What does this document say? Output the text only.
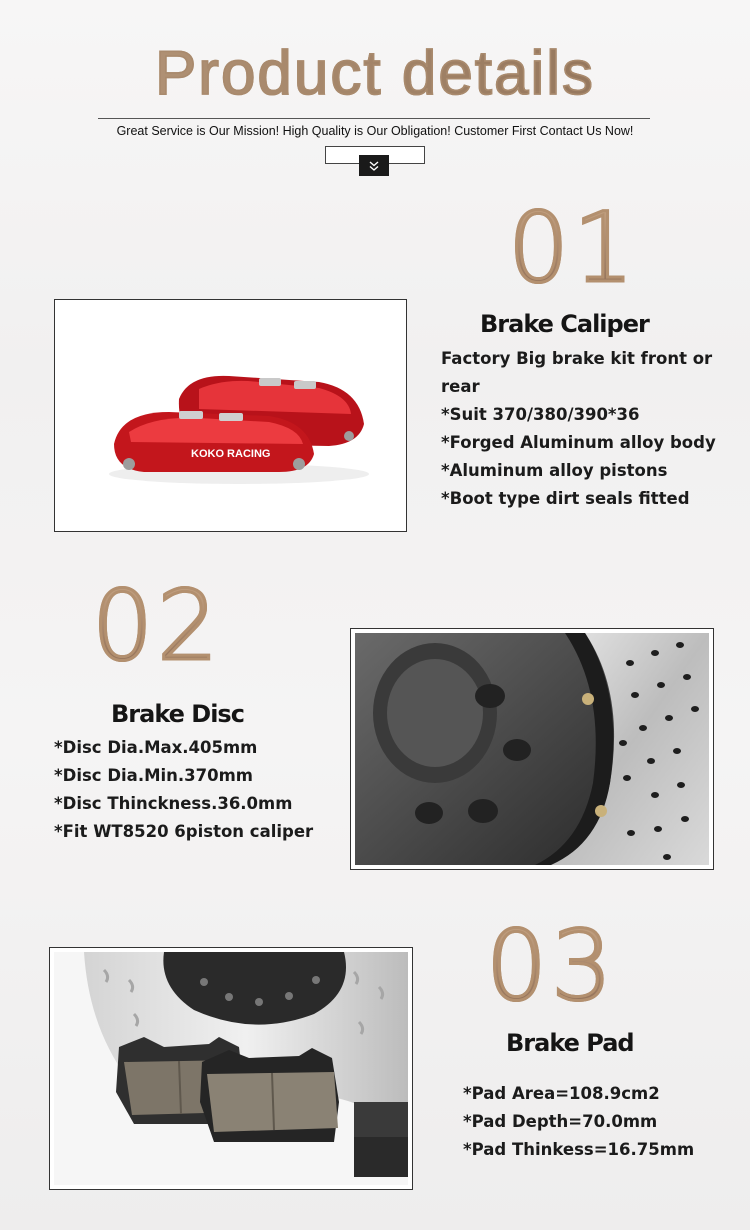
Product details
Great Service is Our Mission! High Quality is Our Obligation! Customer First Contact Us Now!
01
KOKO RACING
Brake Caliper
Factory Big brake kit front or
rear
*Suit 370/380/390*36
*Forged Aluminum alloy body
*Aluminum alloy pistons
*Boot type dirt seals fitted
02
Brake Disc
*Disc Dia.Max.405mm
*Disc Dia.Min.370mm
*Disc Thinckness.36.0mm
*Fit WT8520 6piston caliper
03
Brake Pad
*Pad Area=108.9cm2
*Pad Depth=70.0mm
*Pad Thinkess=16.75mm
